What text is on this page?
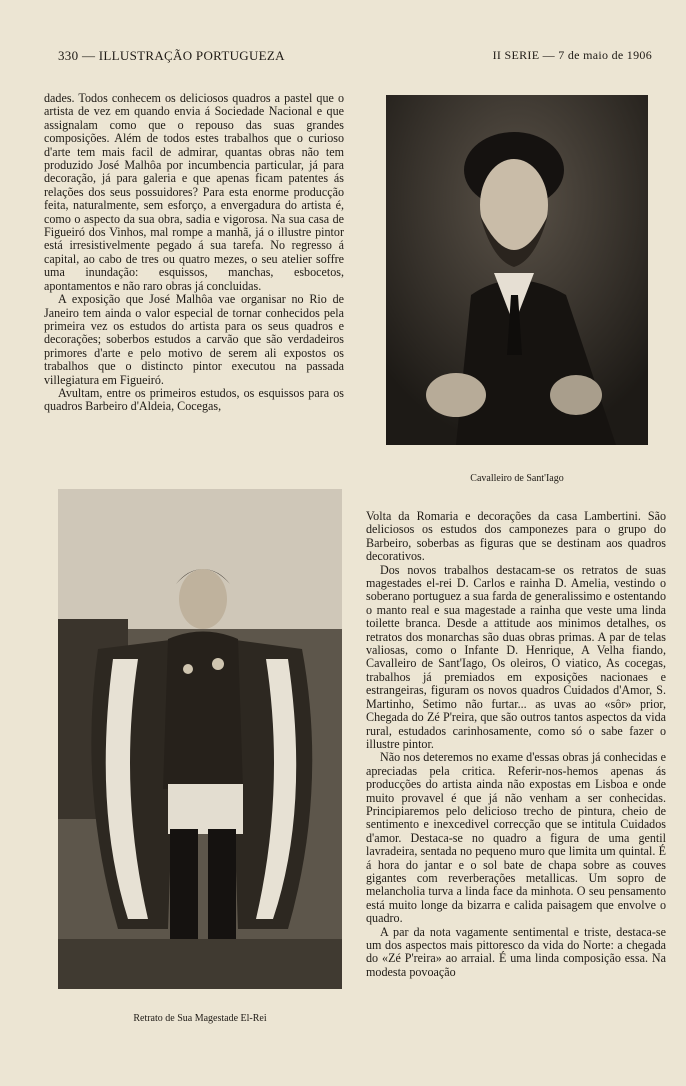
330 — ILLUSTRAÇÃO PORTUGUEZA	II SERIE — 7 de maio de 1906

dades. Todos conhecem os deliciosos quadros a pastel que o artista de vez em quando envia á Sociedade Nacional e que assignalam como que o repouso das suas grandes composições. Além de todos estes trabalhos que o curioso d'arte tem mais facil de admirar, quantas obras não tem produzido José Malhôa por incumbencia particular, já para decoração, já para galeria e que apenas ficam patentes ás relações dos seus possuidores? Para esta enorme producção feita, naturalmente, sem esforço, a envergadura do artista é, como o aspecto da sua obra, sadia e vigorosa. Na sua casa de Figueiró dos Vinhos, mal rompe a manhã, já o illustre pintor está irresistivelmente pegado á sua tarefa. No regresso á capital, ao cabo de tres ou quatro mezes, o seu atelier soffre uma inundação: esquissos, manchas, esbocetos, apontamentos e não raro obras já concluidas.

A exposição que José Malhôa vae organisar no Rio de Janeiro tem ainda o valor especial de tornar conhecidos pela primeira vez os estudos do artista para os seus quadros e decorações; soberbos estudos a carvão que são verdadeiros primores d'arte e pelo motivo de serem ali expostos os trabalhos que o distincto pintor executou na passada villegiatura em Figueiró.

Avultam, entre os primeiros estudos, os esquissos para os quadros Barbeiro d'Aldeia, Cocegas,

Cavalleiro de Sant'Iago
Retrato de Sua Magestade El-Rei

Volta da Romaria e decorações da casa Lambertini. São deliciosos os estudos dos camponezes para o grupo do Barbeiro, soberbas as figuras que se destinam aos quadros decorativos.

Dos novos trabalhos destacam-se os retratos de suas magestades el-rei D. Carlos e rainha D. Amelia, vestindo o soberano portuguez a sua farda de generalissimo e ostentando o manto real e sua magestade a rainha que veste uma linda toilette branca. Desde a attitude aos minimos detalhes, os retratos dos monarchas são duas obras primas. A par de telas valiosas, como o Infante D. Henrique, A Velha fiando, Cavalleiro de Sant'Iago, Os oleiros, O viatico, As cocegas, trabalhos já premiados em exposições nacionaes e estrangeiras, figuram os novos quadros Cuidados d'Amor, S. Martinho, Setimo não furtar... as uvas ao «sôr» prior, Chegada do Zé P'reira, que são outros tantos aspectos da vida rural, estudados carinhosamente, como só o sabe fazer o illustre pintor.

Não nos deteremos no exame d'essas obras já conhecidas e apreciadas pela critica. Referir-nos-hemos apenas ás producções do artista ainda não expostas em Lisboa e onde muito provavel é que já não venham a ser conhecidas. Principiaremos pelo delicioso trecho de pintura, cheio de sentimento e inexcedivel correcção que se intitula Cuidados d'amor. Destaca-se no quadro a figura de uma gentil lavradeira, sentada no pequeno muro que limita um quintal. É á hora do jantar e o sol bate de chapa sobre as couves gigantes com reverberações metallicas. Um sopro de melancholia turva a linda face da minhota. O seu pensamento está muito longe da bizarra e calida paisagem que envolve o quadro.

A par da nota vagamente sentimental e triste, destaca-se um dos aspectos mais pittoresco da vida do Norte: a chegada do «Zé P'reira» ao arraial. É uma linda composição essa. Na modesta povoação
